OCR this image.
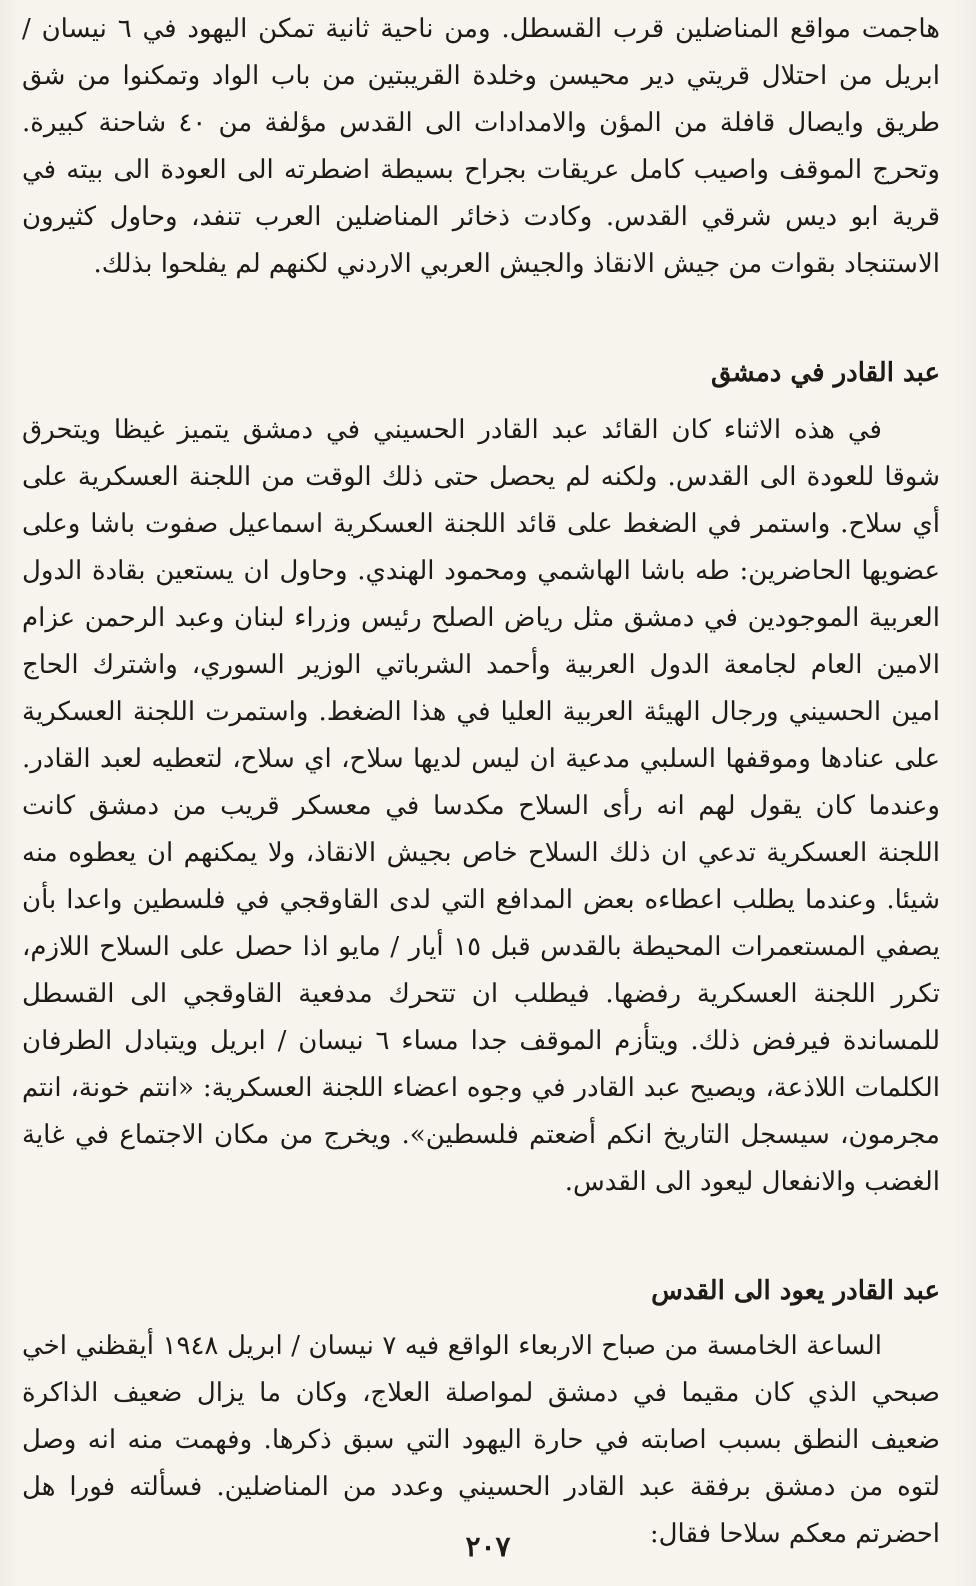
هاجمت مواقع المناضلين قرب القسطل. ومن ناحية ثانية تمكن اليهود في ٦ نيسان / ابريل من احتلال قريتي دير محيسن وخلدة القريبتين من باب الواد وتمكنوا من شق طريق وايصال قافلة من المؤن والامدادات الى القدس مؤلفة من ٤٠ شاحنة كبيرة. وتحرج الموقف واصيب كامل عريقات بجراح بسيطة اضطرته الى العودة الى بيته في قرية ابو ديس شرقي القدس. وكادت ذخائر المناضلين العرب تنفد، وحاول كثيرون الاستنجاد بقوات من جيش الانقاذ والجيش العربي الاردني لكنهم لم يفلحوا بذلك.

عبد القادر في دمشق

في هذه الاثناء كان القائد عبد القادر الحسيني في دمشق يتميز غيظا ويتحرق شوقا للعودة الى القدس. ولكنه لم يحصل حتى ذلك الوقت من اللجنة العسكرية على أي سلاح. واستمر في الضغط على قائد اللجنة العسكرية اسماعيل صفوت باشا وعلى عضويها الحاضرين: طه باشا الهاشمي ومحمود الهندي. وحاول ان يستعين بقادة الدول العربية الموجودين في دمشق مثل رياض الصلح رئيس وزراء لبنان وعبد الرحمن عزام الامين العام لجامعة الدول العربية وأحمد الشرباتي الوزير السوري، واشترك الحاج امين الحسيني ورجال الهيئة العربية العليا في هذا الضغط. واستمرت اللجنة العسكرية على عنادها وموقفها السلبي مدعية ان ليس لديها سلاح، اي سلاح، لتعطيه لعبد القادر. وعندما كان يقول لهم انه رأى السلاح مكدسا في معسكر قريب من دمشق كانت اللجنة العسكرية تدعي ان ذلك السلاح خاص بجيش الانقاذ، ولا يمكنهم ان يعطوه منه شيئا. وعندما يطلب اعطاءه بعض المدافع التي لدى القاوقجي في فلسطين واعدا بأن يصفي المستعمرات المحيطة بالقدس قبل ١٥ أيار / مايو اذا حصل على السلاح اللازم، تكرر اللجنة العسكرية رفضها. فيطلب ان تتحرك مدفعية القاوقجي الى القسطل للمساندة فيرفض ذلك. ويتأزم الموقف جدا مساء ٦ نيسان / ابريل ويتبادل الطرفان الكلمات اللاذعة، ويصيح عبد القادر في وجوه اعضاء اللجنة العسكرية: «انتم خونة، انتم مجرمون، سيسجل التاريخ انكم أضعتم فلسطين». ويخرج من مكان الاجتماع في غاية الغضب والانفعال ليعود الى القدس.

عبد القادر يعود الى القدس

الساعة الخامسة من صباح الاربعاء الواقع فيه ٧ نيسان / ابريل ١٩٤٨ أيقظني اخي صبحي الذي كان مقيما في دمشق لمواصلة العلاج، وكان ما يزال ضعيف الذاكرة ضعيف النطق بسبب اصابته في حارة اليهود التي سبق ذكرها. وفهمت منه انه وصل لتوه من دمشق برفقة عبد القادر الحسيني وعدد من المناضلين. فسألته فورا هل احضرتم معكم سلاحا فقال:

٢٠٧
